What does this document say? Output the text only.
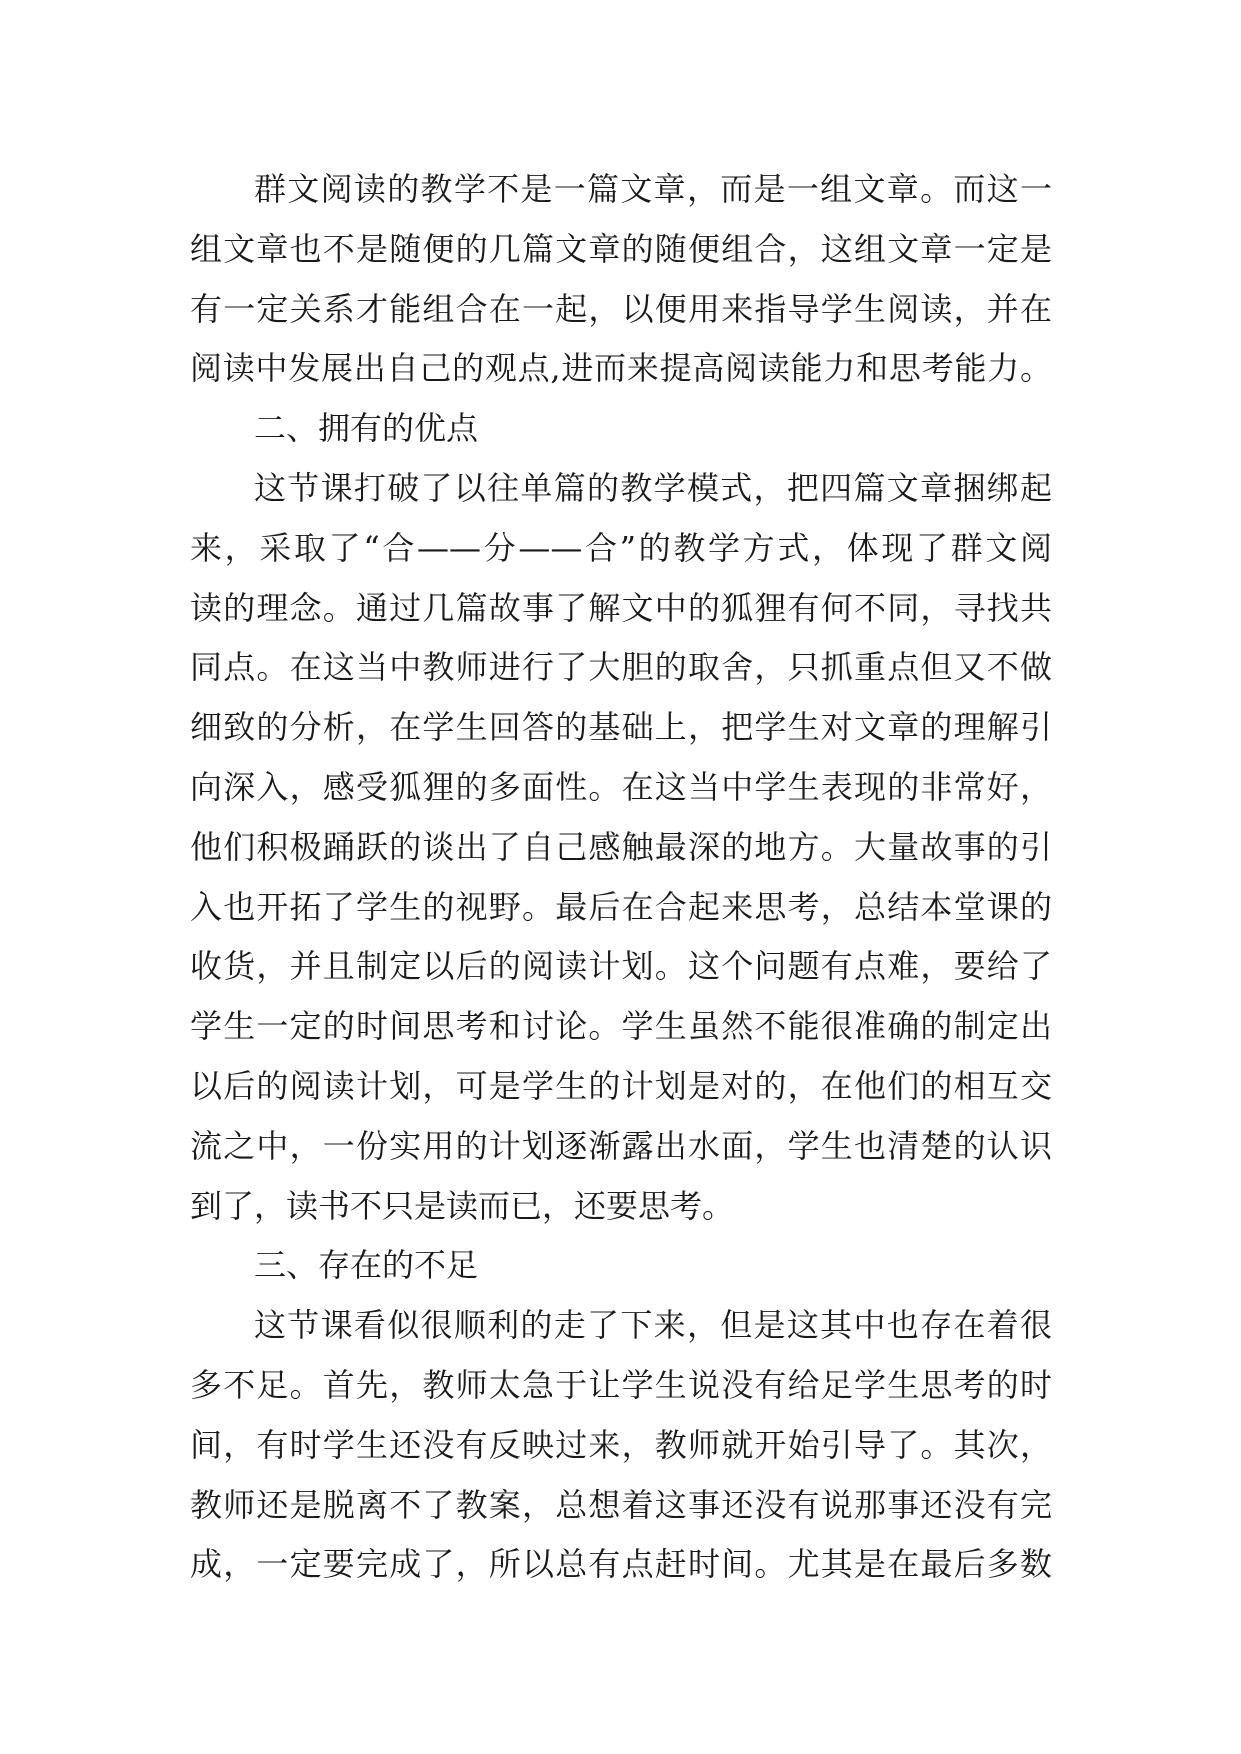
群文阅读的教学不是一篇文章，而是一组文章。而这一
组文章也不是随便的几篇文章的随便组合，这组文章一定是
有一定关系才能组合在一起，以便用来指导学生阅读，并在
阅读中发展出自己的观点,进而来提高阅读能力和思考能力。
二、拥有的优点
这节课打破了以往单篇的教学模式，把四篇文章捆绑起
来，采取了“合——分——合”的教学方式，体现了群文阅
读的理念。通过几篇故事了解文中的狐狸有何不同，寻找共
同点。在这当中教师进行了大胆的取舍，只抓重点但又不做
细致的分析，在学生回答的基础上，把学生对文章的理解引
向深入，感受狐狸的多面性。在这当中学生表现的非常好，
他们积极踊跃的谈出了自己感触最深的地方。大量故事的引
入也开拓了学生的视野。最后在合起来思考，总结本堂课的
收货，并且制定以后的阅读计划。这个问题有点难，要给了
学生一定的时间思考和讨论。学生虽然不能很准确的制定出
以后的阅读计划，可是学生的计划是对的，在他们的相互交
流之中，一份实用的计划逐渐露出水面，学生也清楚的认识
到了，读书不只是读而已，还要思考。
三、存在的不足
这节课看似很顺利的走了下来，但是这其中也存在着很
多不足。首先，教师太急于让学生说没有给足学生思考的时
间，有时学生还没有反映过来，教师就开始引导了。其次，
教师还是脱离不了教案，总想着这事还没有说那事还没有完
成，一定要完成了，所以总有点赶时间。尤其是在最后多数
